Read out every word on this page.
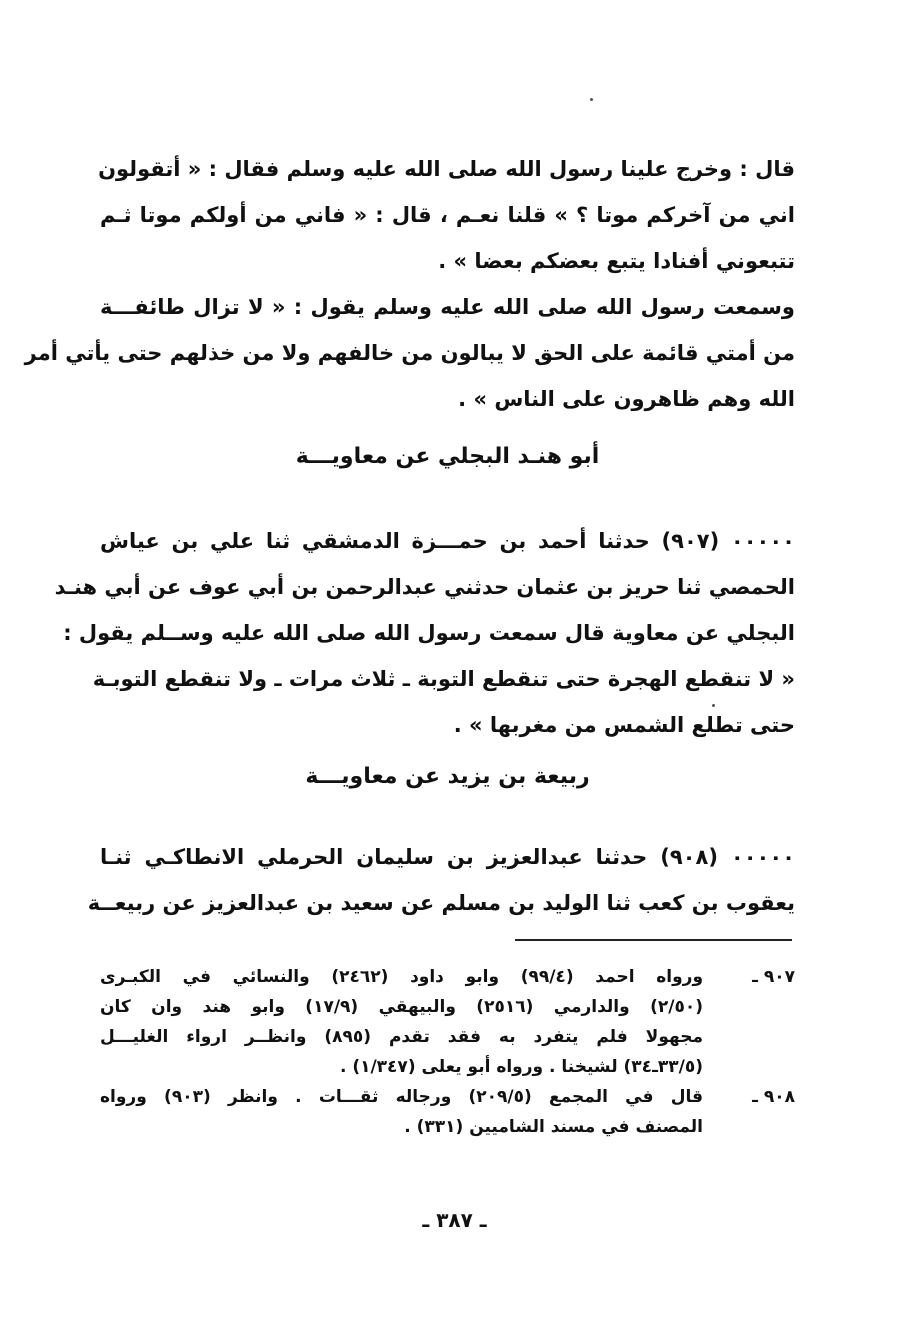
قال : وخرج علينا رسول الله صلى الله عليه وسلم فقال : « أتقولون
اني من آخركم موتا ؟ » قلنا نعـم ، قال : « فاني من أولكم موتا ثـم
تتبعوني أفنادا يتبع بعضكم بعضا » .
وسمعت رسول الله صلى الله عليه وسلم يقول : « لا تزال طائفـــة
من أمتي قائمة على الحق لا يبالون من خالفهم ولا من خذلهم حتى يأتي أمر
الله وهم ظاهرون على الناس » .
أبو هنـد البجلي عن معاويـــة
٠٠٠٠٠ (٩٠٧) حدثنا أحمد بن حمـــزة الدمشقي ثنا علي بن عياش
الحمصي ثنا حريز بن عثمان حدثني عبدالرحمن بن أبي عوف عن أبي هنـد
البجلي عن معاوية قال سمعت رسول الله صلى الله عليه وســلم يقول :
« لا تنقطع الهجرة حتى تنقطع التوبة ـ ثلاث مرات ـ ولا تنقطع التوبـة
حتى تطلع الشمس من مغربها » .
ربيعة بن يزيد عن معاويـــة
٠٠٠٠٠ (٩٠٨) حدثنا عبدالعزيز بن سليمان الحرملي الانطاكـي ثنـا
يعقوب بن كعب ثنا الوليد بن مسلم عن سعيد بن عبدالعزيز عن ربيعــة
٩٠٧ ـ
ورواه احمد (٩٩/٤) وابو داود (٢٤٦٢) والنسائي في الكبـرى
(٢/٥٠) والدارمي (٢٥١٦) والبيهقي (١٧/٩) وابو هند وان كان
مجهولا فلم يتفرد به فقد تقدم (٨٩٥) وانظــر ارواء الغليـــل
(٣٣/٥ـ٣٤) لشيخنا . ورواه أبو يعلى (١/٣٤٧) .
٩٠٨ ـ
قال في المجمع (٢٠٩/٥) ورجاله ثقـــات . وانظر (٩٠٣) ورواه
المصنف في مسند الشاميين (٣٣١) .
ـ ٣٨٧ ـ
